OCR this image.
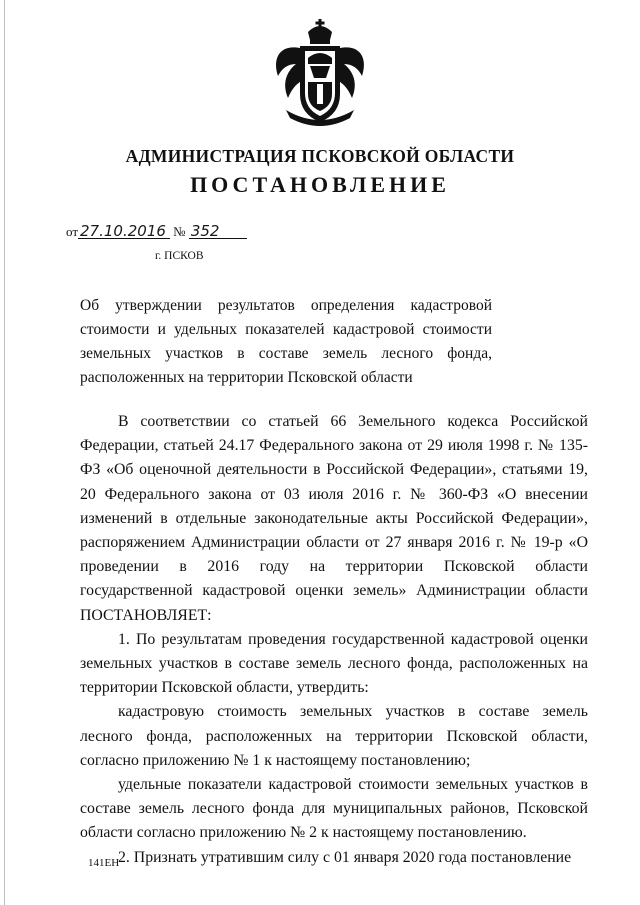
АДМИНИСТРАЦИЯ ПСКОВСКОЙ ОБЛАСТИ
ПОСТАНОВЛЕНИЕ
от 27.10.2016 № 352
г. ПСКОВ
Об утверждении результатов определения кадастровой стоимости и удельных показателей кадастровой стоимости земельных участков в составе земель лесного фонда, расположенных на территории Псковской области

В соответствии со статьей 66 Земельного кодекса Российской Федерации, статьей 24.17 Федерального закона от 29 июля 1998 г. № 135-ФЗ «Об оценочной деятельности в Российской Федерации», статьями 19, 20 Федерального закона от 03 июля 2016 г. № 360-ФЗ «О внесении изменений в отдельные законодательные акты Российской Федерации», распоряжением Администрации области от 27 января 2016 г. № 19-р «О проведении в 2016 году на территории Псковской области государственной кадастровой оценки земель» Администрации области ПОСТАНОВЛЯЕТ:

1. По результатам проведения государственной кадастровой оценки земельных участков в составе земель лесного фонда, расположенных на территории Псковской области, утвердить:

кадастровую стоимость земельных участков в составе земель лесного фонда, расположенных на территории Псковской области, согласно приложению № 1 к настоящему постановлению;

удельные показатели кадастровой стоимости земельных участков в составе земель лесного фонда для муниципальных районов, Псковской области согласно приложению № 2 к настоящему постановлению.

2. Признать утратившим силу с 01 января 2020 года постановление

141ЕН
